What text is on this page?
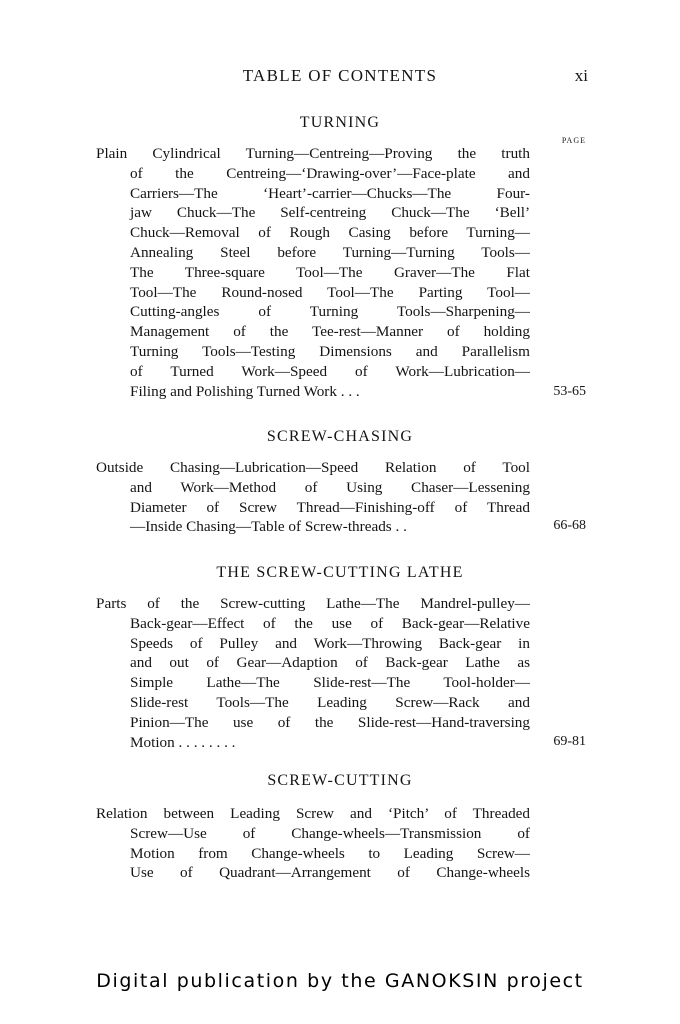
TABLE OF CONTENTS	xi
TURNING
PAGE
Plain Cylindrical Turning—Centreing—Proving the truth
of the Centreing—‘Drawing-over’—Face-plate and
Carriers—The ‘Heart’-carrier—Chucks—The Four-
jaw Chuck—The Self-centreing Chuck—The ‘Bell’
Chuck—Removal of Rough Casing before Turning—
Annealing Steel before Turning—Turning Tools—
The Three-square Tool—The Graver—The Flat
Tool—The Round-nosed Tool—The Parting Tool—
Cutting-angles of Turning Tools—Sharpening—
Management of the Tee-rest—Manner of holding
Turning Tools—Testing Dimensions and Parallelism
of Turned Work—Speed of Work—Lubrication—
Filing and Polishing Turned Work . . .	53-65
SCREW-CHASING
Outside Chasing—Lubrication—Speed Relation of Tool
and Work—Method of Using Chaser—Lessening
Diameter of Screw Thread—Finishing-off of Thread
—Inside Chasing—Table of Screw-threads . .	66-68
THE SCREW-CUTTING LATHE
Parts of the Screw-cutting Lathe—The Mandrel-pulley—
Back-gear—Effect of the use of Back-gear—Relative
Speeds of Pulley and Work—Throwing Back-gear in
and out of Gear—Adaption of Back-gear Lathe as
Simple Lathe—The Slide-rest—The Tool-holder—
Slide-rest Tools—The Leading Screw—Rack and
Pinion—The use of the Slide-rest—Hand-traversing
Motion . . . . . . . .	69-81
SCREW-CUTTING
Relation between Leading Screw and ‘Pitch’ of Threaded
Screw—Use of Change-wheels—Transmission of
Motion from Change-wheels to Leading Screw—
Use of Quadrant—Arrangement of Change-wheels
Digital publication by the GANOKSIN project
